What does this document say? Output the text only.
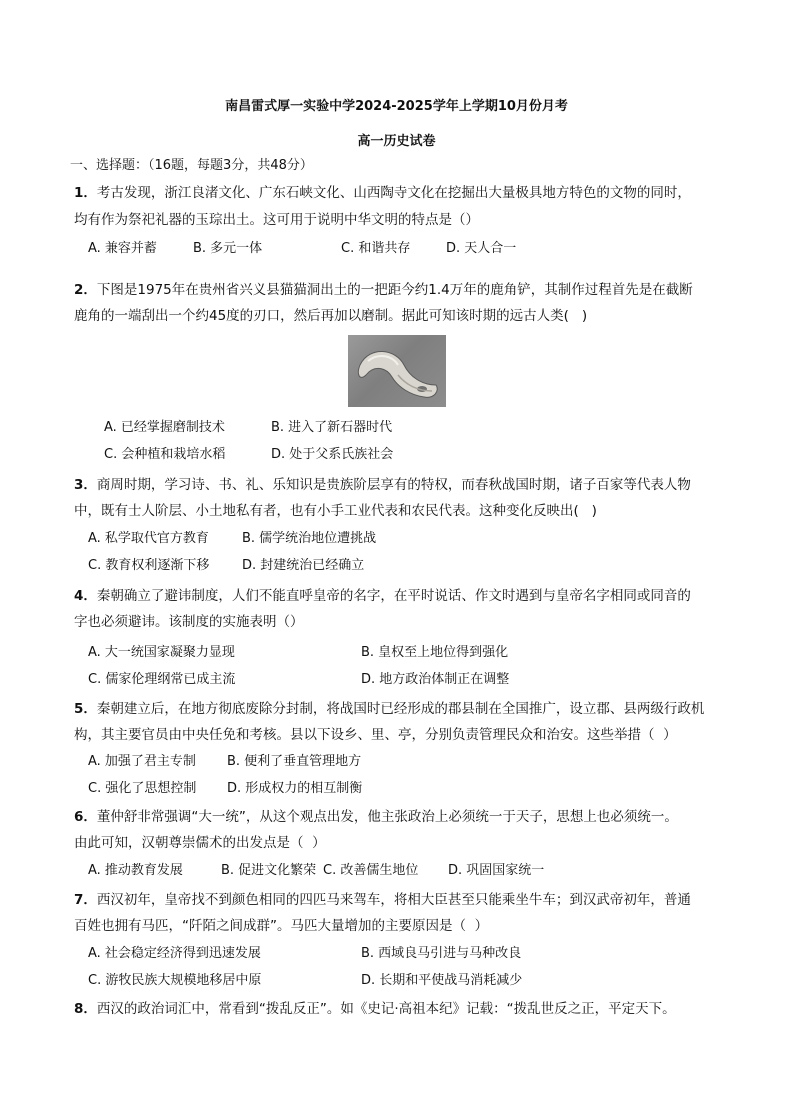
南昌雷式厚一实验中学2024-2025学年上学期10月份月考
高一历史试卷
一、选择题：（16题，每题3分，共48分）
1．考古发现，浙江良渚文化、广东石峡文化、山西陶寺文化在挖掘出大量极具地方特色的文物的同时，
均有作为祭祀礼器的玉琮出土。这可用于说明中华文明的特点是（）
A. 兼容并蓄	B. 多元一体	C. 和谐共存	D. 天人合一
2．下图是1975年在贵州省兴义县猫猫洞出土的一把距今约1.4万年的鹿角铲，其制作过程首先是在截断
鹿角的一端刮出一个约45度的刃口，然后再加以磨制。据此可知该时期的远古人类(   )
A. 已经掌握磨制技术	B. 进入了新石器时代
C. 会种植和栽培水稻	D. 处于父系氏族社会
3．商周时期，学习诗、书、礼、乐知识是贵族阶层享有的特权，而春秋战国时期，诸子百家等代表人物
中，既有士人阶层、小土地私有者，也有小手工业代表和农民代表。这种变化反映出(   )
A. 私学取代官方教育	B. 儒学统治地位遭挑战
C. 教育权利逐渐下移	D. 封建统治已经确立
4．秦朝确立了避讳制度，人们不能直呼皇帝的名字，在平时说话、作文时遇到与皇帝名字相同或同音的
字也必须避讳。该制度的实施表明（）
A. 大一统国家凝聚力显现	B. 皇权至上地位得到强化
C. 儒家伦理纲常已成主流	D. 地方政治体制正在调整
5．秦朝建立后，在地方彻底废除分封制，将战国时已经形成的郡县制在全国推广，设立郡、县两级行政机
构，其主要官员由中央任免和考核。县以下设乡、里、亭，分别负责管理民众和治安。这些举措（  ）
A. 加强了君主专制 B. 便利了垂直管理地方
C. 强化了思想控制 D. 形成权力的相互制衡
6．董仲舒非常强调“大一统”，从这个观点出发，他主张政治上必须统一于天子，思想上也必须统一。
由此可知，汉朝尊崇儒术的出发点是（  ）
A. 推动教育发展	B. 促进文化繁荣 C. 改善儒生地位 D. 巩固国家统一
7．西汉初年，皇帝找不到颜色相同的四匹马来驾车，将相大臣甚至只能乘坐牛车；到汉武帝初年，普通
百姓也拥有马匹，“阡陌之间成群”。马匹大量增加的主要原因是（  ）
A. 社会稳定经济得到迅速发展	B. 西域良马引进与马种改良
C. 游牧民族大规模地移居中原	D. 长期和平使战马消耗减少
8．西汉的政治词汇中，常看到“拨乱反正”。如《史记·高祖本纪》记载：“拨乱世反之正，平定天下。
